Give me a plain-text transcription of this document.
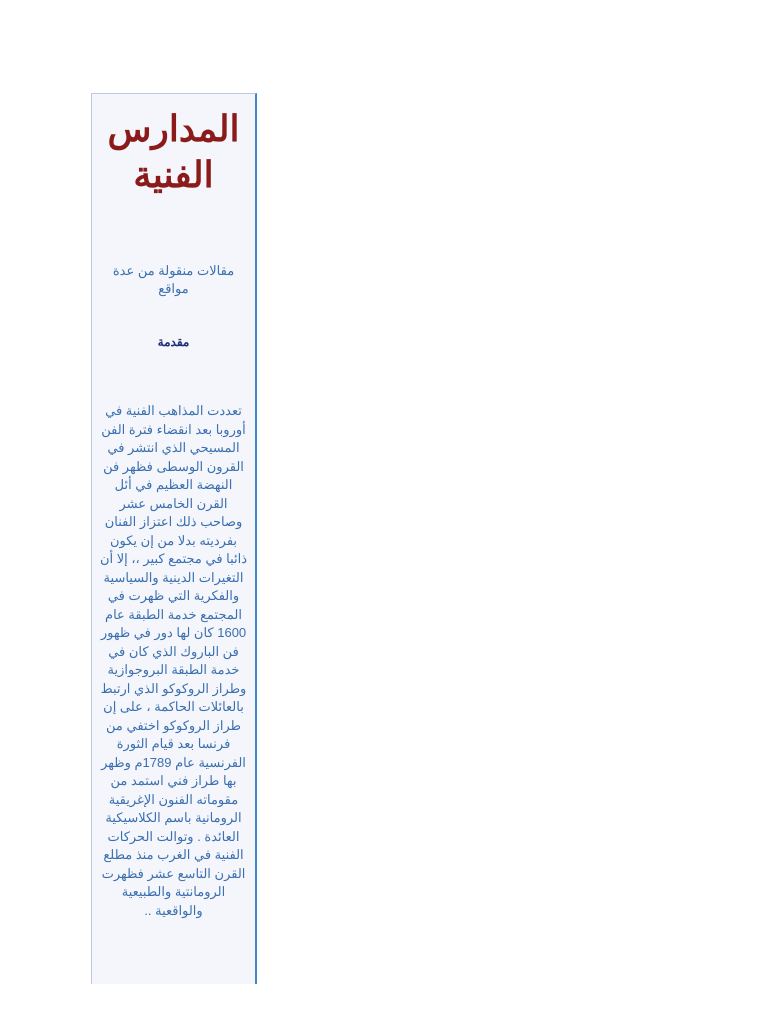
المدارس الفنية
مقالات منقولة من عدة مواقع
مقدمة
تعددت المذاهب الفنية في أوروبا بعد انقضاء فترة الفن المسيحي الذي انتشر في القرون الوسطى فظهر فن النهضة العظيم في أئل القرن الخامس عشر وصاحب ذلك اعتزاز الفنان بفرديته بدلا من إن يكون ذائبا في مجتمع كبير ،، إلا أن التغيرات الدينية والسياسية والفكرية التي ظهرت في المجتمع خدمة الطبقة عام 1600 كان لها دور في ظهور فن الباروك الذي كان في خدمة الطبقة البروجوازية وطراز الروكوكو الذي ارتبط بالعائلات الحاكمة ، على إن طراز الروكوكو اختفي من فرنسا بعد قيام الثورة الفرنسية عام 1789م وظهر بها طراز فني استمد من مقوماته الفنون الإغريقية الرومانية باسم الكلاسيكية العائدة . وتوالت الحركات الفنية في الغرب منذ مطلع القرن التاسع عشر فظهرت الرومانتية والطبيعية والواقعية ..
